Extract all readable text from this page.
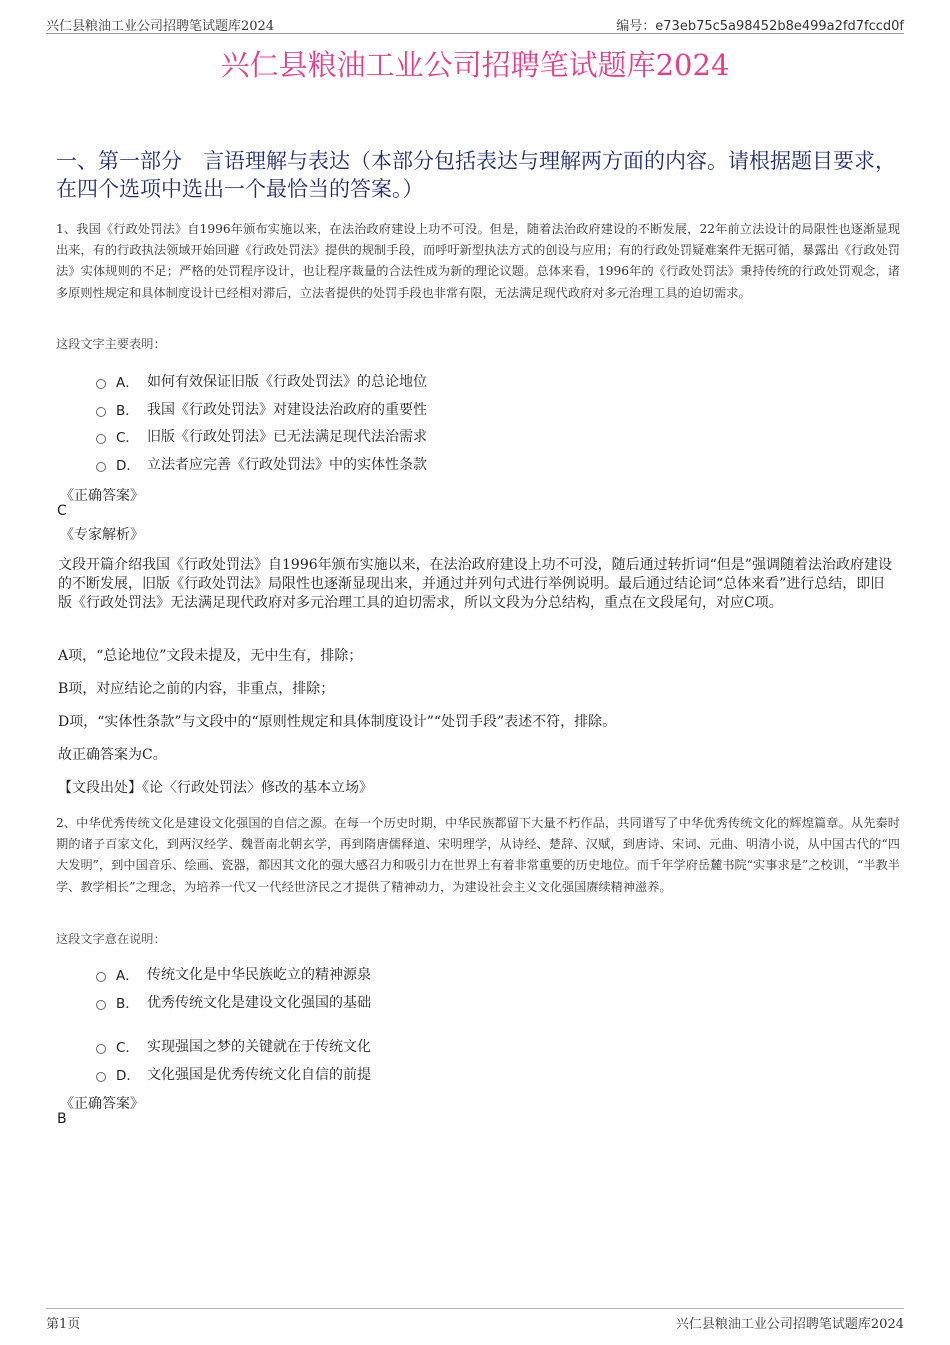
兴仁县粮油工业公司招聘笔试题库2024	编号：e73eb75c5a98452b8e499a2fd7fccd0f
兴仁县粮油工业公司招聘笔试题库2024
一、第一部分　言语理解与表达（本部分包括表达与理解两方面的内容。请根据题目要求，在四个选项中选出一个最恰当的答案。）
1、我国《行政处罚法》自1996年颁布实施以来，在法治政府建设上功不可没。但是，随着法治政府建设的不断发展，22年前立法设计的局限性也逐渐显现出来，有的行政执法领域开始回避《行政处罚法》提供的规制手段，而呼吁新型执法方式的创设与应用；有的行政处罚疑难案件无据可循，暴露出《行政处罚法》实体规则的不足；严格的处罚程序设计，也让程序裁量的合法性成为新的理论议题。总体来看，1996年的《行政处罚法》秉持传统的行政处罚观念，诸多原则性规定和具体制度设计已经相对滞后，立法者提供的处罚手段也非常有限，无法满足现代政府对多元治理工具的迫切需求。
这段文字主要表明：
A． 如何有效保证旧版《行政处罚法》的总论地位
B． 我国《行政处罚法》对建设法治政府的重要性
C． 旧版《行政处罚法》已无法满足现代法治需求
D． 立法者应完善《行政处罚法》中的实体性条款
《正确答案》
C
《专家解析》
文段开篇介绍我国《行政处罚法》自1996年颁布实施以来，在法治政府建设上功不可没，随后通过转折词“但是”强调随着法治政府建设的不断发展，旧版《行政处罚法》局限性也逐渐显现出来，并通过并列句式进行举例说明。最后通过结论词“总体来看”进行总结，即旧版《行政处罚法》无法满足现代政府对多元治理工具的迫切需求，所以文段为分总结构，重点在文段尾句，对应C项。
A项，“总论地位”文段未提及，无中生有，排除；
B项，对应结论之前的内容，非重点，排除；
D项，“实体性条款”与文段中的“原则性规定和具体制度设计”“处罚手段”表述不符，排除。
故正确答案为C。
【文段出处】《论〈行政处罚法〉修改的基本立场》
2、中华优秀传统文化是建设文化强国的自信之源。在每一个历史时期，中华民族都留下大量不朽作品，共同谱写了中华优秀传统文化的辉煌篇章。从先秦时期的诸子百家文化，到两汉经学、魏晋南北朝玄学，再到隋唐儒释道、宋明理学，从诗经、楚辞、汉赋，到唐诗、宋词、元曲、明清小说，从中国古代的“四大发明”，到中国音乐、绘画、瓷器，都因其文化的强大感召力和吸引力在世界上有着非常重要的历史地位。而千年学府岳麓书院“实事求是”之校训，“半教半学、教学相长”之理念，为培养一代又一代经世济民之才提供了精神动力，为建设社会主义文化强国赓续精神滋养。
这段文字意在说明：
A． 传统文化是中华民族屹立的精神源泉
B． 优秀传统文化是建设文化强国的基础
C． 实现强国之梦的关键就在于传统文化
D． 文化强国是优秀传统文化自信的前提
《正确答案》
B
第1页	兴仁县粮油工业公司招聘笔试题库2024
